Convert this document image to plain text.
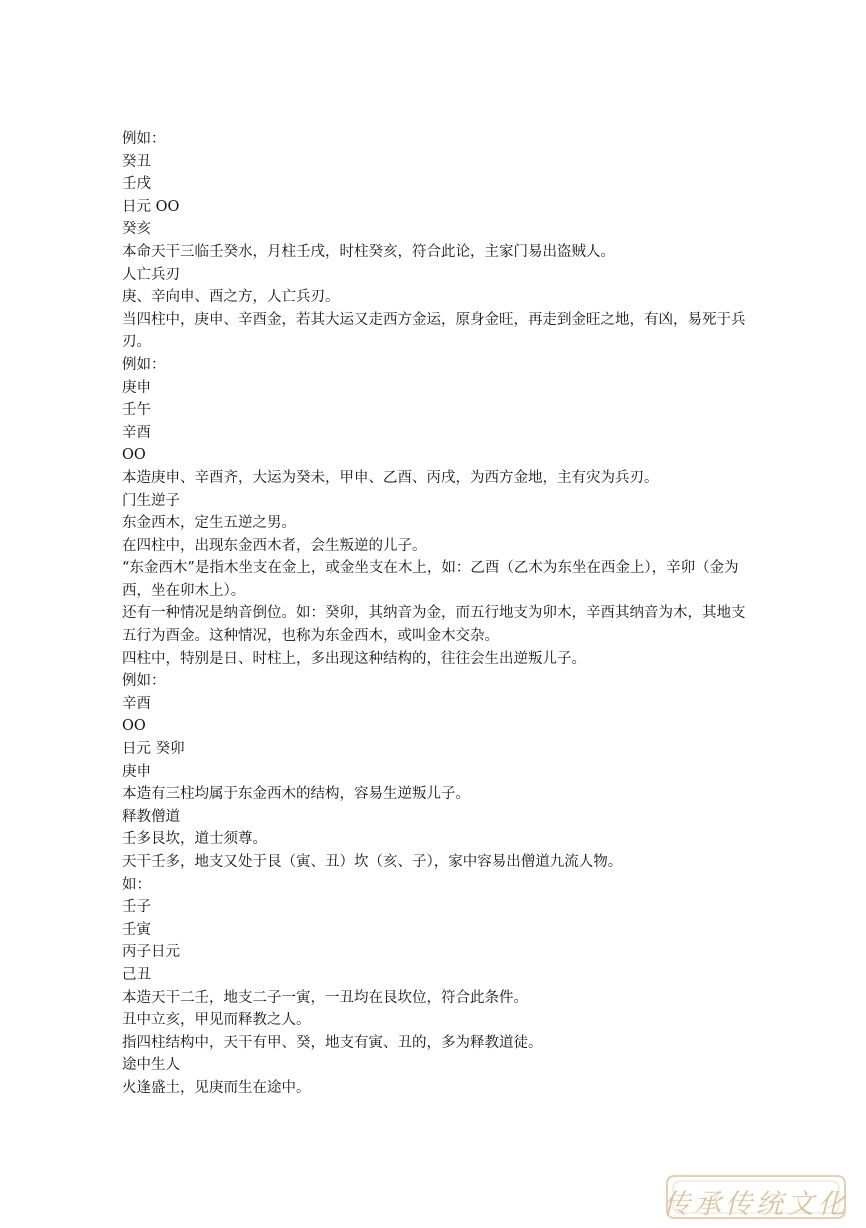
例如：
癸丑
壬戌
日元 OO
癸亥
本命天干三临壬癸水，月柱壬戌，时柱癸亥，符合此论，主家门易出盗贼人。
人亡兵刃
庚、辛向申、酉之方，人亡兵刃。
当四柱中，庚申、辛酉金，若其大运又走西方金运，原身金旺，再走到金旺之地，有凶，易死于兵刃。
例如：
庚申
壬午
辛酉
OO
本造庚申、辛酉齐，大运为癸未，甲申、乙酉、丙戌，为西方金地，主有灾为兵刃。
门生逆子
东金西木，定生五逆之男。
在四柱中，出现东金西木者，会生叛逆的儿子。
“东金西木”是指木坐支在金上，或金坐支在木上，如：乙酉（乙木为东坐在西金上），辛卯（金为西，坐在卯木上）。
还有一种情况是纳音倒位。如：癸卯，其纳音为金，而五行地支为卯木，辛酉其纳音为木，其地支五行为酉金。这种情况，也称为东金西木，或叫金木交杂。
四柱中，特别是日、时柱上，多出现这种结构的，往往会生出逆叛儿子。
例如：
辛酉
OO
日元 癸卯
庚申
本造有三柱均属于东金西木的结构，容易生逆叛儿子。
释教僧道
壬多艮坎，道士须尊。
天干壬多，地支又处于艮（寅、丑）坎（亥、子），家中容易出僧道九流人物。
如：
壬子
壬寅
丙子日元
己丑
本造天干二壬，地支二子一寅，一丑均在艮坎位，符合此条件。
丑中立亥，甲见而释教之人。
指四柱结构中，天干有甲、癸，地支有寅、丑的，多为释教道徒。
途中生人
火逢盛土，见庚而生在途中。
传承传统文化
